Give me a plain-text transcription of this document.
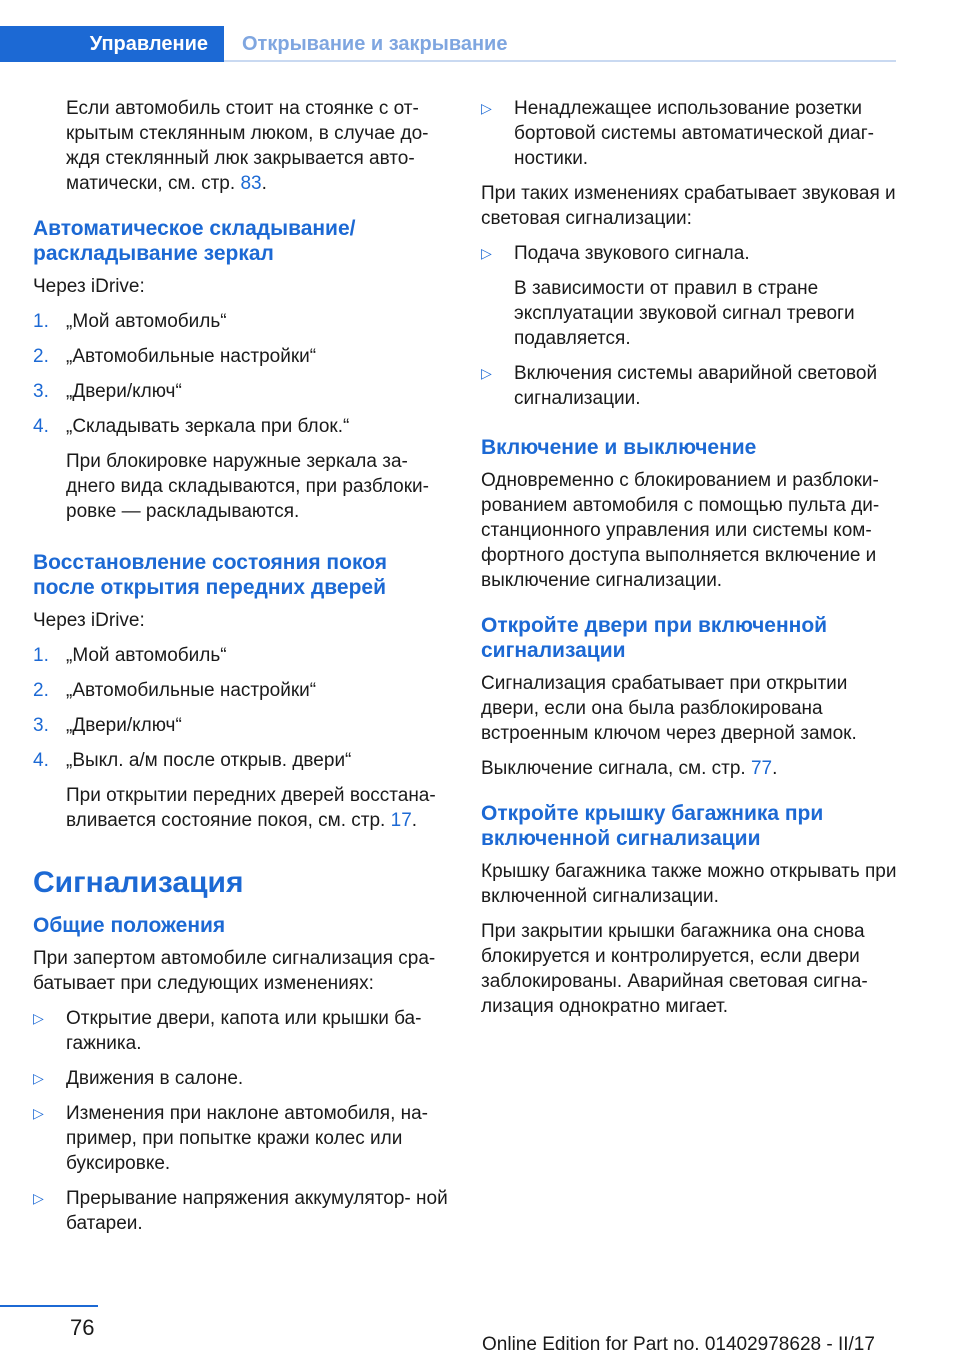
Управление	Открывание и закрывание

Если автомобиль стоит на стоянке с от-
крытым стеклянным люком, в случае до-
ждя стеклянный люк закрывается авто-
матически, см. стр. 83.

Автоматическое складывание/ раскладывание зеркал

Через iDrive:

1. „Мой автомобиль“
2. „Автомобильные настройки“
3. „Двери/ключ“
4. „Складывать зеркала при блок.“

При блокировке наружные зеркала за- днего вида складываются, при разблоки- ровке — раскладываются.

Восстановление состояния покоя после открытия передних дверей

Через iDrive:

1. „Мой автомобиль“
2. „Автомобильные настройки“
3. „Двери/ключ“
4. „Выкл. а/м после открыв. двери“

При открытии передних дверей восстана- вливается состояние покоя, см. стр. 17.

Сигнализация
Общие положения

При запертом автомобиле сигнализация сра- батывает при следующих изменениях:

▷	Открытие двери, капота или крышки ба- гажника.
▷	Движения в салоне.
▷	Изменения при наклоне автомобиля, на- пример, при попытке кражи колес или буксировке.
▷	Прерывание напряжения аккумулятор- ной батареи.
▷	Ненадлежащее использование розетки бортовой системы автоматической диаг- ностики.

При таких изменениях срабатывает звуковая и световая сигнализации:

▷	Подача звукового сигнала.

В зависимости от правил в стране эксплуатации звуковой сигнал тревоги подавляется.

▷	Включения системы аварийной световой сигнализации.
Включение и выключение

Одновременно с блокированием и разблоки- рованием автомобиля с помощью пульта ди- станционного управления или системы ком- фортного доступа выполняется включение и выключение сигнализации.

Откройте двери при включенной сигнализации

Сигнализация срабатывает при открытии двери, если она была разблокирована встроенным ключом через дверной замок.

Выключение сигнала, см. стр. 77.

Откройте крышку багажника при включенной сигнализации

Крышку багажника также можно открывать при включенной сигнализации.

При закрытии крышки багажника она снова блокируется и контролируется, если двери заблокированы. Аварийная световая сигна- лизация однократно мигает.

76
Online Edition for Part no. 01402978628 - II/17
